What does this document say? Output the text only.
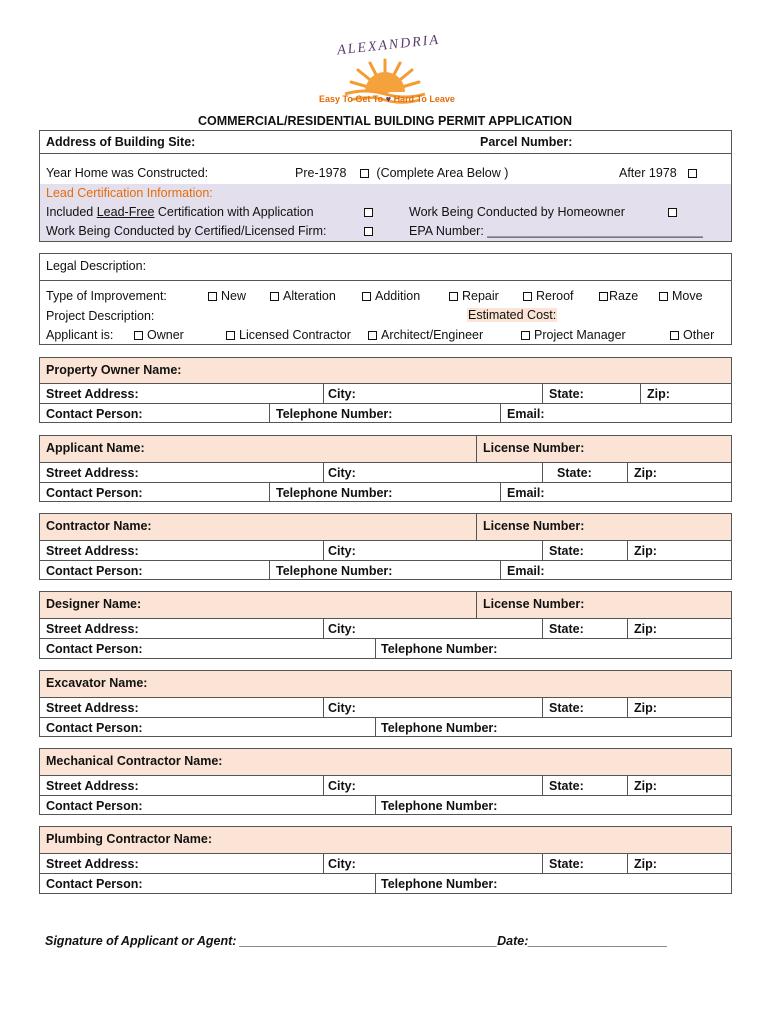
ALEXANDRIA
Easy To Get To ♥ Hard To Leave
COMMERCIAL/RESIDENTIAL BUILDING PERMIT APPLICATION
Address of Building Site:	Parcel Number:
Year Home was Constructed:	Pre-1978 (Complete Area Below )	After 1978
Lead Certification Information:
Included Lead-Free Certification with Application	Work Being Conducted by Homeowner
Work Being Conducted by Certified/Licensed Firm:	EPA Number: _______________________________
Legal Description:
Type of Improvement:	New	Alteration	Addition	Repair	Reroof	Raze	Move
Project Description:	Estimated Cost:
Applicant is:	Owner	Licensed Contractor	Architect/Engineer	Project Manager	Other
Property Owner Name:
Street Address:	City:	State:	Zip:
Contact Person:	Telephone Number:	Email:
Applicant Name:	License Number:
Street Address:	City:	State:	Zip:
Contact Person:	Telephone Number:	Email:
Contractor Name:	License Number:
Street Address:	City:	State:	Zip:
Contact Person:	Telephone Number:	Email:
Designer Name:	License Number:
Street Address:	City:	State:	Zip:
Contact Person:	Telephone Number:
Excavator Name:
Street Address:	City:	State:	Zip:
Contact Person:	Telephone Number:
Mechanical Contractor Name:
Street Address:	City:	State:	Zip:
Contact Person:	Telephone Number:
Plumbing Contractor Name:
Street Address:	City:	State:	Zip:
Contact Person:	Telephone Number:
Signature of Applicant or Agent: _____________________________________Date:____________________
